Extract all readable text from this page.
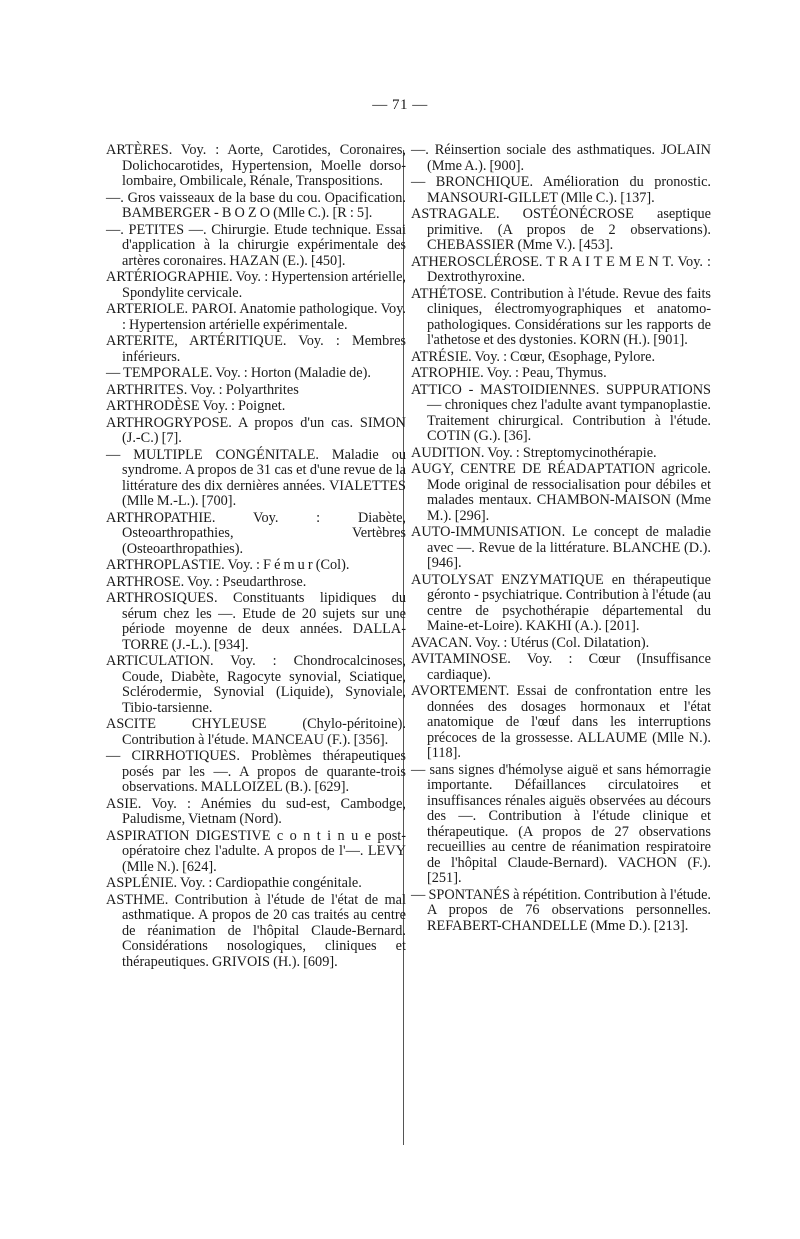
— 71 —

ARTÈRES. Voy. : Aorte, Carotides, Coronaires, Dolichocarotides, Hypertension, Moelle dorso-lombaire, Ombilicale, Rénale, Transpositions.

—. Gros vaisseaux de la base du cou. Opacification. BAMBERGER - B O Z O (Mlle C.). [R : 5].

—. PETITES —. Chirurgie. Etude technique. Essai d'application à la chirurgie expérimentale des artères coronaires. HAZAN (E.). [450].

ARTÉRIOGRAPHIE. Voy. : Hypertension artérielle, Spondylite cervicale.

ARTERIOLE. PAROI. Anatomie pathologique. Voy. : Hypertension artérielle expérimentale.

ARTERITE, ARTÉRITIQUE. Voy. : Membres inférieurs.

— TEMPORALE. Voy. : Horton (Maladie de).

ARTHRITES. Voy. : Polyarthrites

ARTHRODÈSE Voy. : Poignet.

ARTHROGRYPOSE. A propos d'un cas. SIMON (J.-C.) [7].

— MULTIPLE CONGÉNITALE. Maladie ou syndrome. A propos de 31 cas et d'une revue de la littérature des dix dernières années. VIALETTES (Mlle M.-L.). [700].

ARTHROPATHIE. Voy. : Diabète, Osteoarthropathies, Vertèbres (Osteoarthropathies).

ARTHROPLASTIE. Voy. : F é m u r (Col).

ARTHROSE. Voy. : Pseudarthrose.

ARTHROSIQUES. Constituants lipidiques du sérum chez les —. Etude de 20 sujets sur une période moyenne de deux années. DALLA-TORRE (J.-L.). [934].

ARTICULATION. Voy. : Chondrocalcinoses, Coude, Diabète, Ragocyte synovial, Sciatique, Sclérodermie, Synovial (Liquide), Synoviale, Tibio-tarsienne.

ASCITE CHYLEUSE (Chylo-péritoine). Contribution à l'étude. MANCEAU (F.). [356].

— CIRRHOTIQUES. Problèmes thérapeutiques posés par les —. A propos de quarante-trois observations. MALLOIZEL (B.). [629].

ASIE. Voy. : Anémies du sud-est, Cambodge, Paludisme, Vietnam (Nord).

ASPIRATION DIGESTIVE c o n t i n u e post-opératoire chez l'adulte. A propos de l'—. LEVY (Mlle N.). [624].

ASPLÉNIE. Voy. : Cardiopathie congénitale.

ASTHME. Contribution à l'étude de l'état de mal asthmatique. A propos de 20 cas traités au centre de réanimation de l'hôpital Claude-Bernard. Considérations nosologiques, cliniques et thérapeutiques. GRIVOIS (H.). [609].

—. Réinsertion sociale des asthmatiques. JOLAIN (Mme A.). [900].

— BRONCHIQUE. Amélioration du pronostic. MANSOURI-GILLET (Mlle C.). [137].

ASTRAGALE. OSTÉONÉCROSE aseptique primitive. (A propos de 2 observations). CHEBASSIER (Mme V.). [453].

ATHEROSCLÉROSE. T R A I T E M E N T. Voy. : Dextrothyroxine.

ATHÉTOSE. Contribution à l'étude. Revue des faits cliniques, électromyographiques et anatomo-pathologiques. Considérations sur les rapports de l'athetose et des dystonies. KORN (H.). [901].

ATRÉSIE. Voy. : Cœur, Œsophage, Pylore.

ATROPHIE. Voy. : Peau, Thymus.

ATTICO - MASTOIDIENNES. SUPPURATIONS — chroniques chez l'adulte avant tympanoplastie. Traitement chirurgical. Contribution à l'étude. COTIN (G.). [36].

AUDITION. Voy. : Streptomycinothérapie.

AUGY, CENTRE DE RÉADAPTATION agricole. Mode original de ressocialisation pour débiles et malades mentaux. CHAMBON-MAISON (Mme M.). [296].

AUTO-IMMUNISATION. Le concept de maladie avec —. Revue de la littérature. BLANCHE (D.). [946].

AUTOLYSAT ENZYMATIQUE en thérapeutique géronto - psychiatrique. Contribution à l'étude (au centre de psychothérapie départemental du Maine-et-Loire). KAKHI (A.). [201].

AVACAN. Voy. : Utérus (Col. Dilatation).

AVITAMINOSE. Voy. : Cœur (Insuffisance cardiaque).

AVORTEMENT. Essai de confrontation entre les données des dosages hormonaux et l'état anatomique de l'œuf dans les interruptions précoces de la grossesse. ALLAUME (Mlle N.). [118].

— sans signes d'hémolyse aiguë et sans hémorragie importante. Défaillances circulatoires et insuffisances rénales aiguës observées au décours des —. Contribution à l'étude clinique et thérapeutique. (A propos de 27 observations recueillies au centre de réanimation respiratoire de l'hôpital Claude-Bernard). VACHON (F.). [251].

— SPONTANÉS à répétition. Contribution à l'étude. A propos de 76 observations personnelles. REFABERT-CHANDELLE (Mme D.). [213].
